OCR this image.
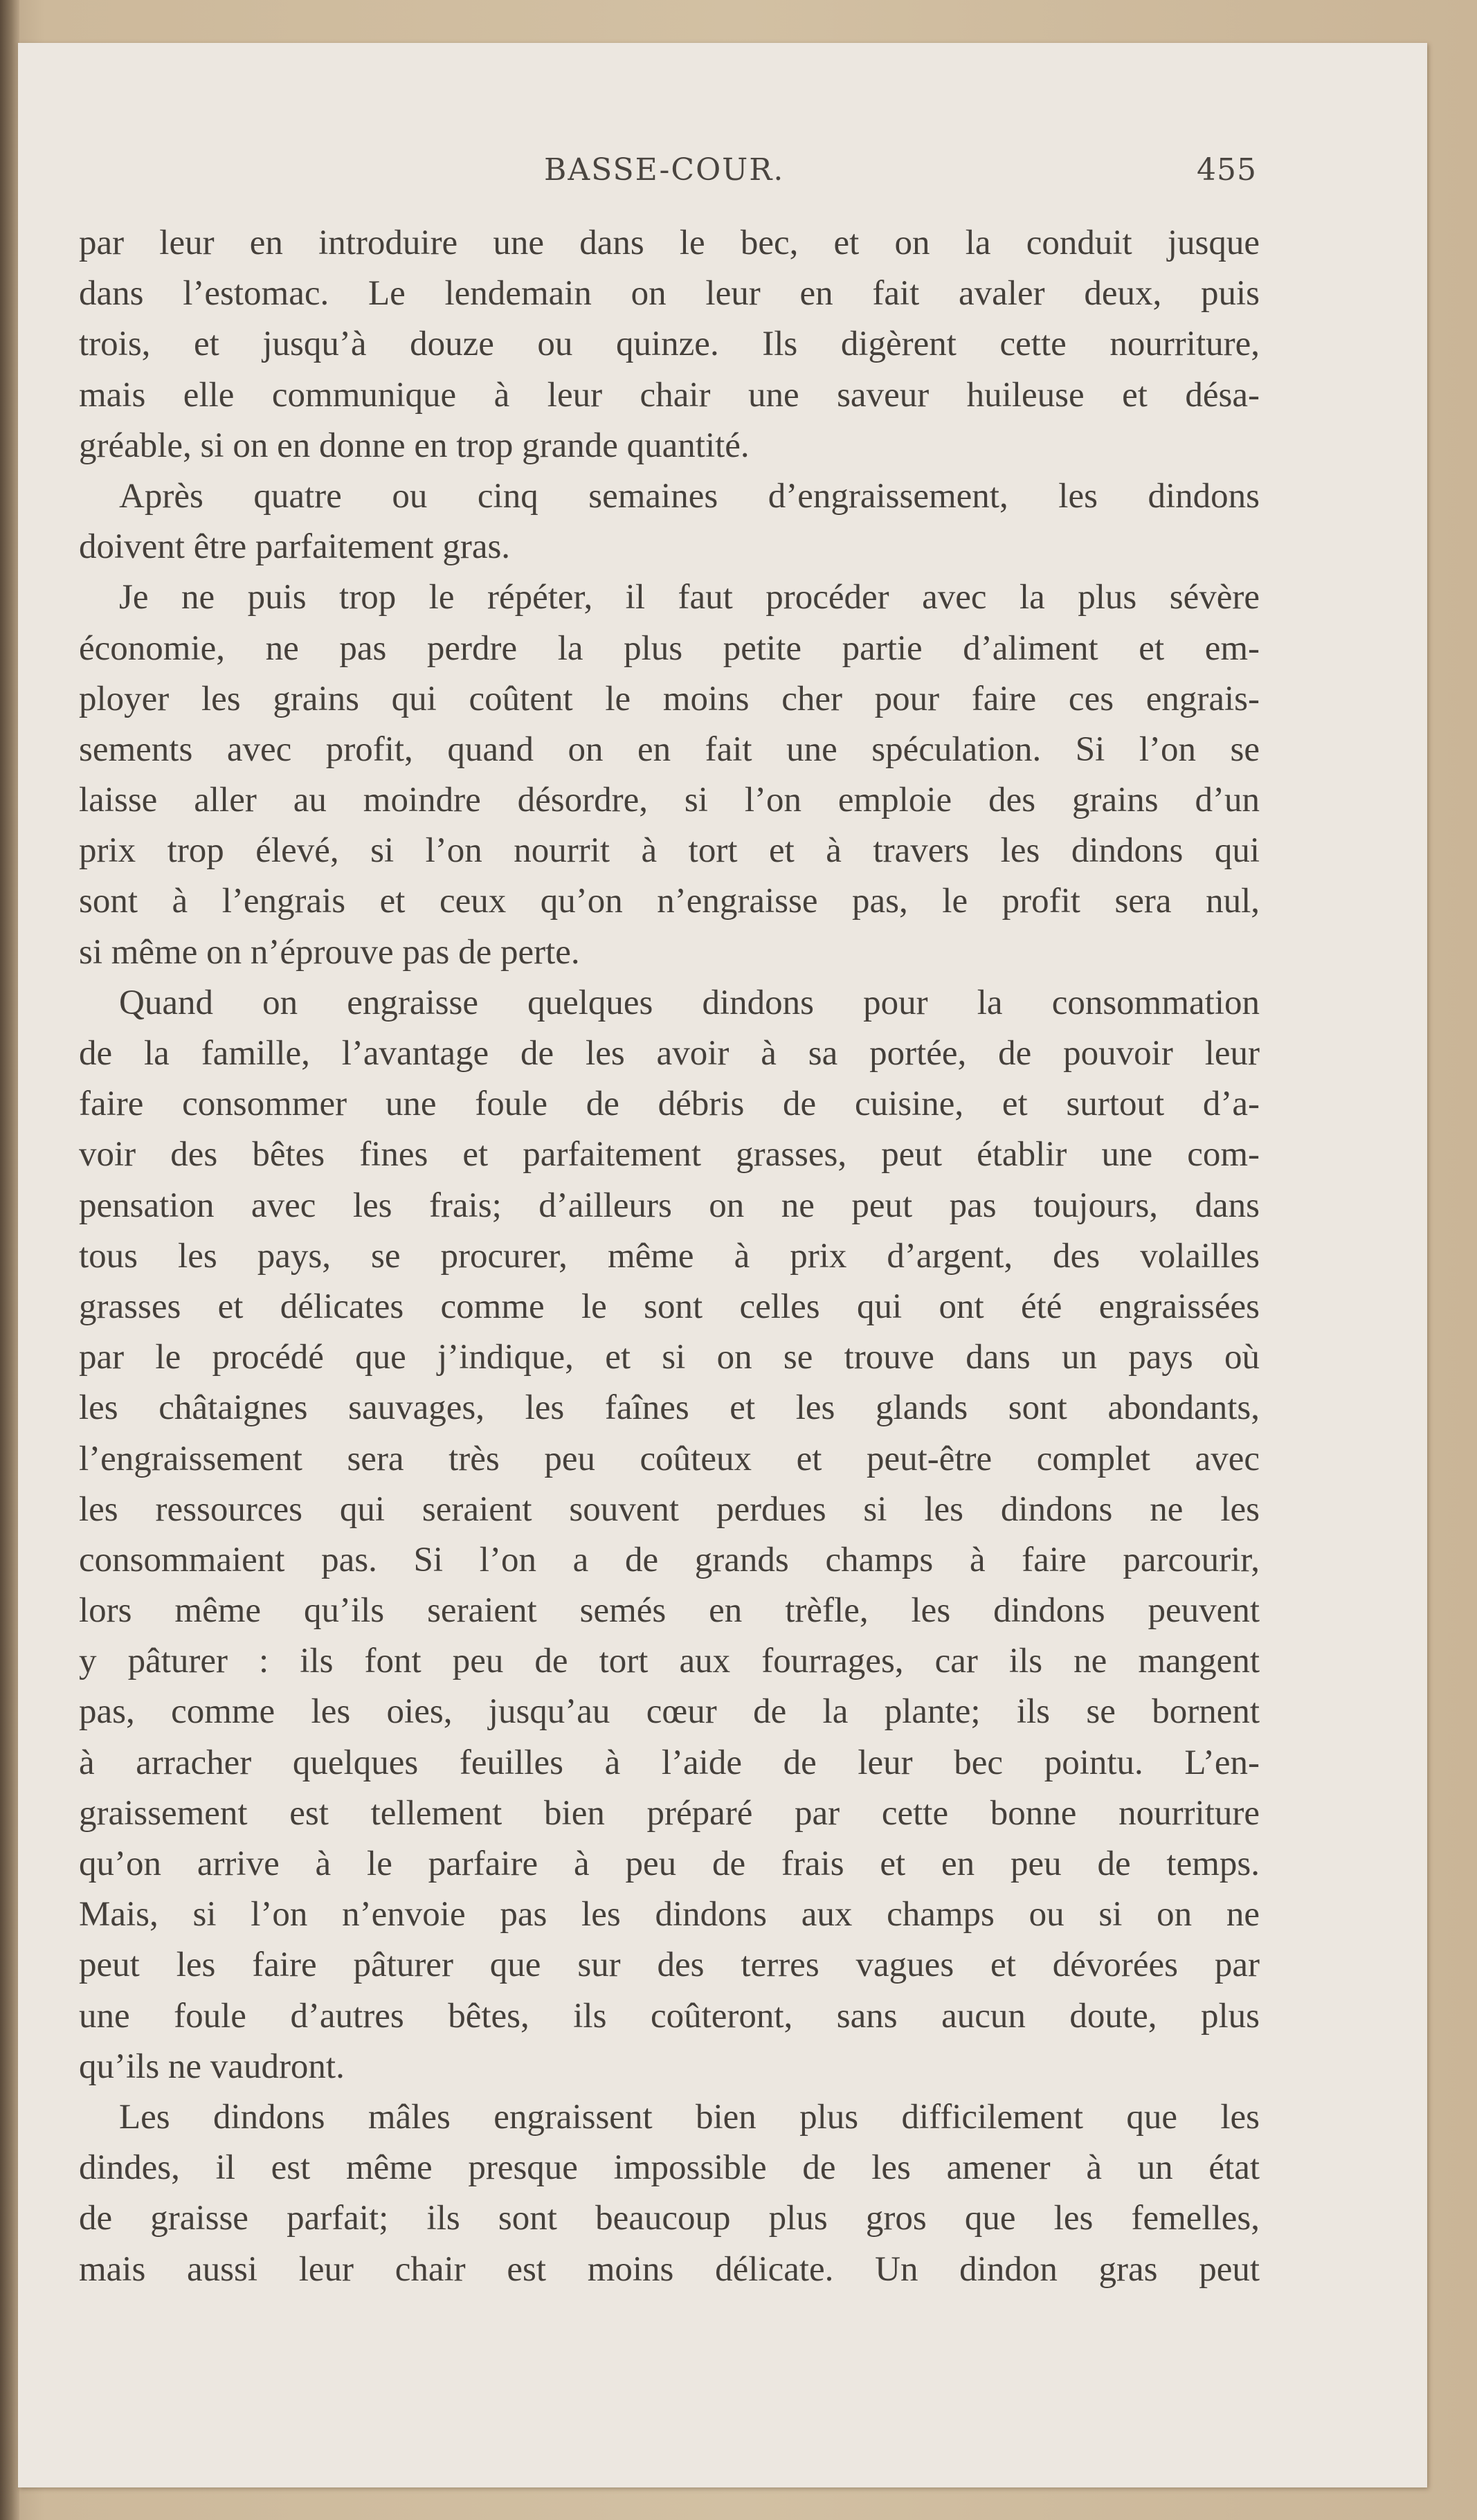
BASSE-COUR.	455
par leur en introduire une dans le bec, et on la conduit jusque
dans l’estomac. Le lendemain on leur en fait avaler deux, puis
trois, et jusqu’à douze ou quinze. Ils digèrent cette nourriture,
mais elle communique à leur chair une saveur huileuse et désa-
gréable, si on en donne en trop grande quantité.
Après quatre ou cinq semaines d’engraissement, les dindons
doivent être parfaitement gras.
Je ne puis trop le répéter, il faut procéder avec la plus sévère
économie, ne pas perdre la plus petite partie d’aliment et em-
ployer les grains qui coûtent le moins cher pour faire ces engrais-
sements avec profit, quand on en fait une spéculation. Si l’on se
laisse aller au moindre désordre, si l’on emploie des grains d’un
prix trop élevé, si l’on nourrit à tort et à travers les dindons qui
sont à l’engrais et ceux qu’on n’engraisse pas, le profit sera nul,
si même on n’éprouve pas de perte.
Quand on engraisse quelques dindons pour la consommation
de la famille, l’avantage de les avoir à sa portée, de pouvoir leur
faire consommer une foule de débris de cuisine, et surtout d’a-
voir des bêtes fines et parfaitement grasses, peut établir une com-
pensation avec les frais; d’ailleurs on ne peut pas toujours, dans
tous les pays, se procurer, même à prix d’argent, des volailles
grasses et délicates comme le sont celles qui ont été engraissées
par le procédé que j’indique, et si on se trouve dans un pays où
les châtaignes sauvages, les faînes et les glands sont abondants,
l’engraissement sera très peu coûteux et peut-être complet avec
les ressources qui seraient souvent perdues si les dindons ne les
consommaient pas. Si l’on a de grands champs à faire parcourir,
lors même qu’ils seraient semés en trèfle, les dindons peuvent
y pâturer : ils font peu de tort aux fourrages, car ils ne mangent
pas, comme les oies, jusqu’au cœur de la plante; ils se bornent
à arracher quelques feuilles à l’aide de leur bec pointu. L’en-
graissement est tellement bien préparé par cette bonne nourriture
qu’on arrive à le parfaire à peu de frais et en peu de temps.
Mais, si l’on n’envoie pas les dindons aux champs ou si on ne
peut les faire pâturer que sur des terres vagues et dévorées par
une foule d’autres bêtes, ils coûteront, sans aucun doute, plus
qu’ils ne vaudront.
Les dindons mâles engraissent bien plus difficilement que les
dindes, il est même presque impossible de les amener à un état
de graisse parfait; ils sont beaucoup plus gros que les femelles,
mais aussi leur chair est moins délicate. Un dindon gras peut
